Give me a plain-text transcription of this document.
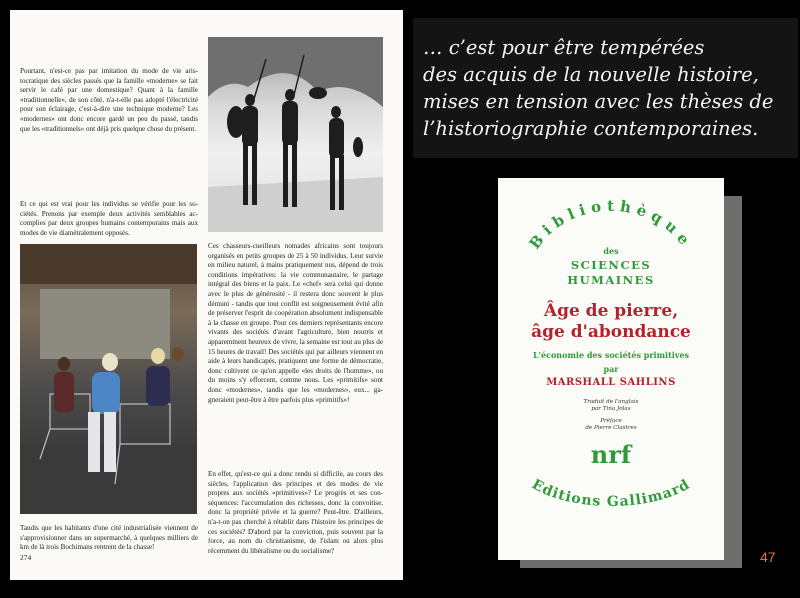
Pourtant, n'est-ce pas par imitation du mode de vie aristocratique des siècles passés que la famille «moderne» se fait servir le café par une domestique? Quant à la famille «traditionnelle», de son côté, n'a-t-elle pas adopté l'électricité pour son éclairage, c'est-à-dire une technique moderne? Les «modernes» ont donc encore gardé un peu du passé, tandis que les «traditionnels» ont déjà pris quelque chose du présent.

Et ce qui est vrai pour les individus se vérifie pour les sociétés. Prenons par exemple deux activités semblables accomplies par deux groupes humains contemporains mais aux modes de vie diamétralement opposés.

Ces chasseurs-cueilleurs nomades africains sont toujours organisés en petits groupes de 25 à 50 individus. Leur survie en milieu naturel, à mains pratiquement nus, dépend de trois conditions impératives: la vie communautaire, le partage intégral des biens et la paix. Le «chef» sera celui qui donne avec le plus de générosité - il restera donc souvent le plus démuni - tandis que tout conflit est soigneusement évité afin de préserver l'esprit de coopération absolument indispensable à la chasse en groupe. Pour ces derniers représentants encore vivants des sociétés d'avant l'agriculture, bien nourris et apparemment heureux de vivre, la semaine est tout au plus de 15 heures de travail! Des sociétés qui par ailleurs viennent en aide à leurs handicapés, pratiquent une forme de démocratie, donc cultivent ce qu'on appelle «les droits de l'homme», ou du moins s'y efforcent, comme nous. Les «primitifs» sont donc «modernes», tandis que les «modernes», eux... gagneraient peut-être à être parfois plus «primitifs»!

En effet, qu'est-ce qui a donc rendu si difficile, au cours des siècles, l'application des principes et des modes de vie propres aux sociétés «primitives»? Le progrès et ses conséquences: l'accumulation des richesses, donc la convoitise, donc la propriété privée et la guerre? Peut-être. D'ailleurs, n'a-t-on pas cherché à rétablir dans l'histoire les principes de ces sociétés? D'abord par la conviction, puis souvent par la force, au nom du christianisme, de l'islam ou alors plus récemment du libéralisme ou du socialisme?

Tandis que les habitants d'une cité industrialisée viennent de s'approvisionner dans un supermarché, à quelques milliers de km de là trois Bochimans rentrent de la chasse!

274

… c’est pour être tempérées
des acquis de la nouvelle histoire,
mises en tension avec les thèses de
l’historiographie contemporaines.

Bibliothèque
des
SCIENCES
HUMAINES
Âge de pierre,
âge d'abondance
L'économie des sociétés primitives
par
MARSHALL SAHLINS
Traduit de l'anglais
par Tina Jolas
Préface
de Pierre Clastres
nrf
Editions Gallimard
47
